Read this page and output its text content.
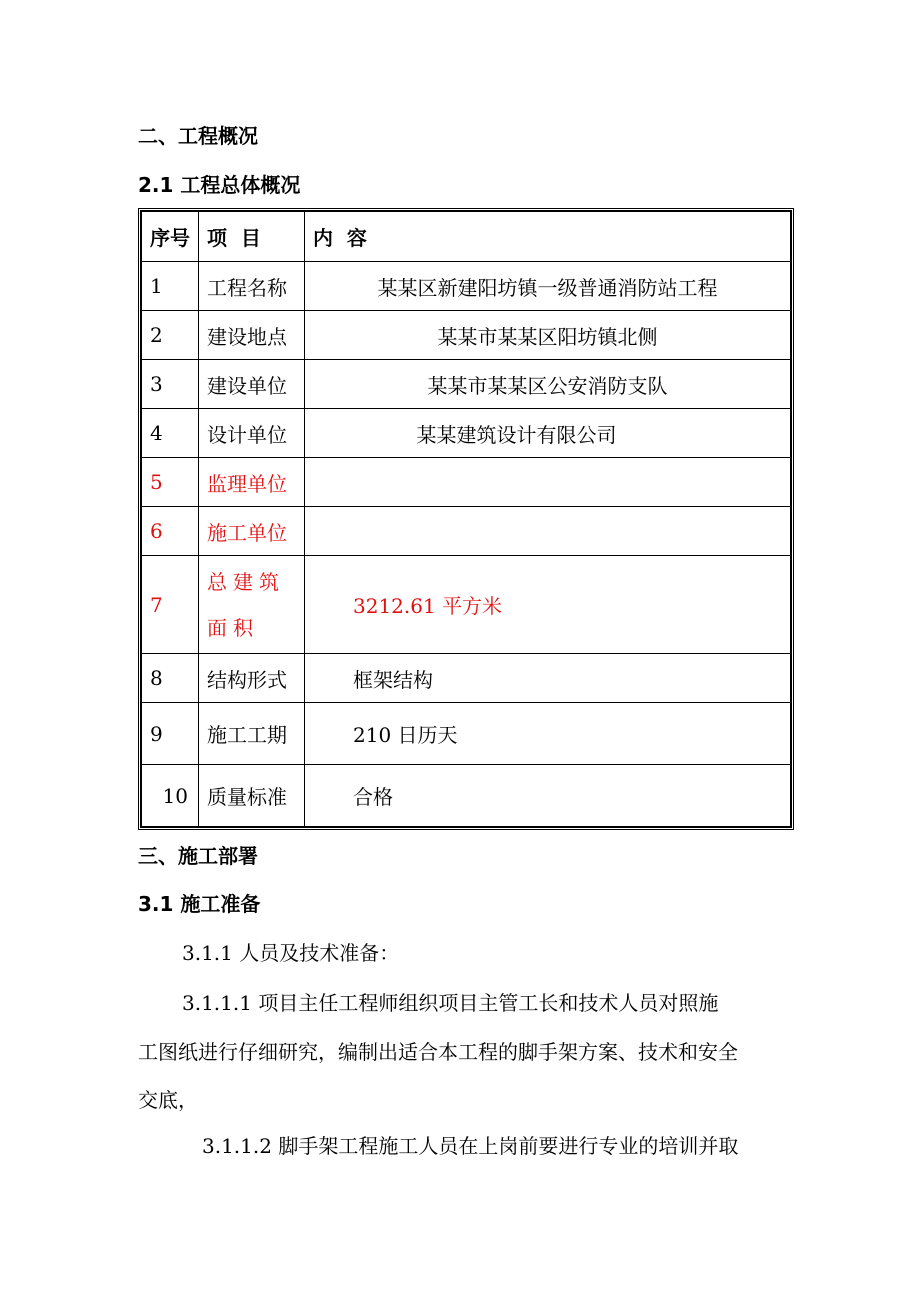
二、工程概况
2.1 工程总体概况
序号	项  目	内  容
1	工程名称	某某区新建阳坊镇一级普通消防站工程
2	建设地点	某某市某某区阳坊镇北侧
3	建设单位	某某市某某区公安消防支队
4	设计单位	某某建筑设计有限公司
5	监理单位	
6	施工单位	
7	总建筑面积	3212.61 平方米
8	结构形式	框架结构
9	施工工期	210 日历天
10	质量标准	合格
三、施工部署
3.1 施工准备
3.1.1 人员及技术准备：
3.1.1.1 项目主任工程师组织项目主管工长和技术人员对照施
工图纸进行仔细研究，编制出适合本工程的脚手架方案、技术和安全
交底，
3.1.1.2 脚手架工程施工人员在上岗前要进行专业的培训并取
